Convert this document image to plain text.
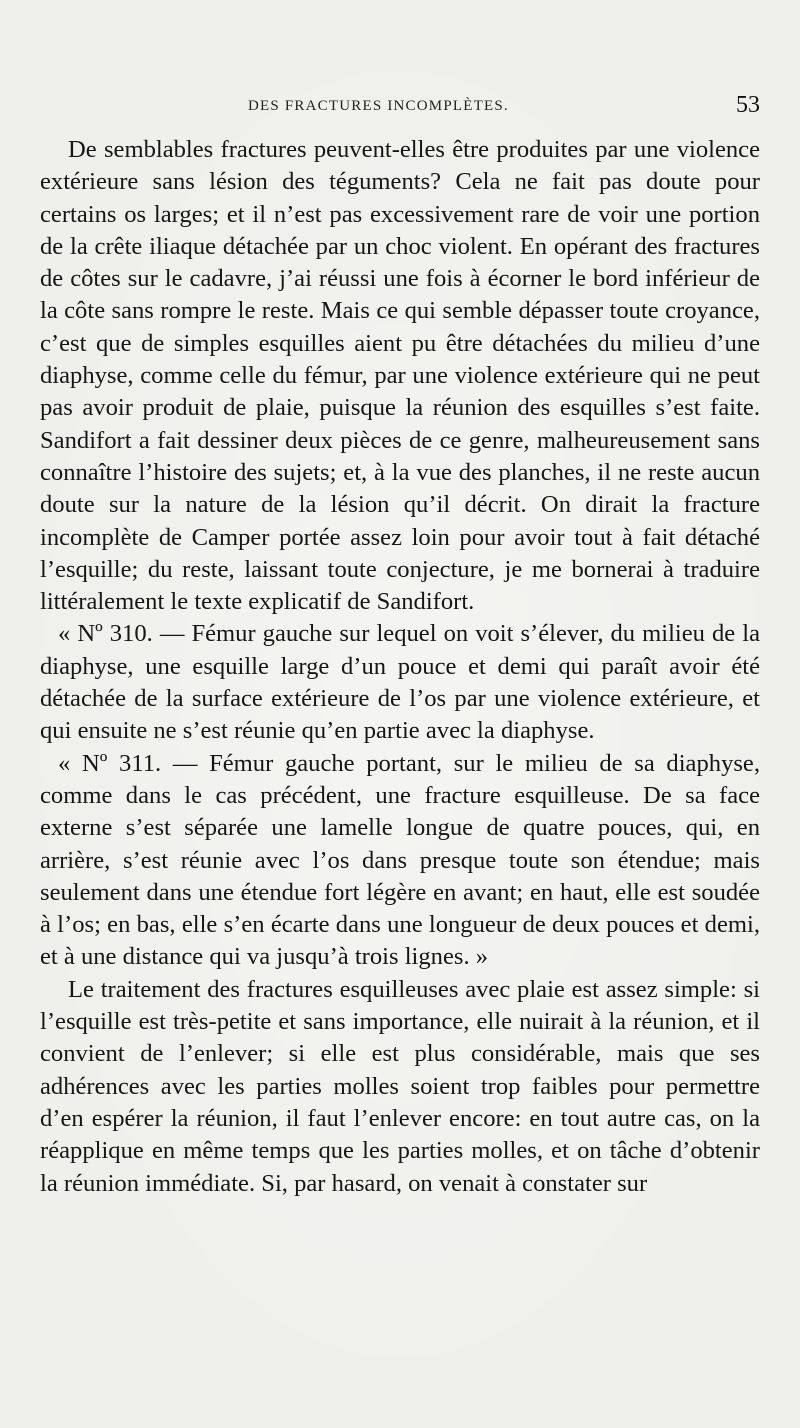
DES FRACTURES INCOMPLÈTES.	53

De semblables fractures peuvent-elles être produites par une violence extérieure sans lésion des téguments? Cela ne fait pas doute pour certains os larges; et il n’est pas excessivement rare de voir une portion de la crête iliaque détachée par un choc violent. En opérant des fractures de côtes sur le cadavre, j’ai réussi une fois à écorner le bord inférieur de la côte sans rompre le reste. Mais ce qui semble dépasser toute croyance, c’est que de simples esquilles aient pu être détachées du milieu d’une diaphyse, comme celle du fémur, par une violence extérieure qui ne peut pas avoir produit de plaie, puisque la réunion des esquilles s’est faite. Sandifort a fait dessiner deux pièces de ce genre, malheureusement sans connaître l’histoire des sujets; et, à la vue des planches, il ne reste aucun doute sur la nature de la lésion qu’il décrit. On dirait la fracture incomplète de Camper portée assez loin pour avoir tout à fait détaché l’esquille; du reste, laissant toute conjecture, je me bornerai à traduire littéralement le texte explicatif de Sandifort.

« Nº 310. — Fémur gauche sur lequel on voit s’élever, du milieu de la diaphyse, une esquille large d’un pouce et demi qui paraît avoir été détachée de la surface extérieure de l’os par une violence extérieure, et qui ensuite ne s’est réunie qu’en partie avec la diaphyse.

« Nº 311. — Fémur gauche portant, sur le milieu de sa diaphyse, comme dans le cas précédent, une fracture esquilleuse. De sa face externe s’est séparée une lamelle longue de quatre pouces, qui, en arrière, s’est réunie avec l’os dans presque toute son étendue; mais seulement dans une étendue fort légère en avant; en haut, elle est soudée à l’os; en bas, elle s’en écarte dans une longueur de deux pouces et demi, et à une distance qui va jusqu’à trois lignes. »

Le traitement des fractures esquilleuses avec plaie est assez simple: si l’esquille est très-petite et sans importance, elle nuirait à la réunion, et il convient de l’enlever; si elle est plus considérable, mais que ses adhérences avec les parties molles soient trop faibles pour permettre d’en espérer la réunion, il faut l’enlever encore: en tout autre cas, on la réapplique en même temps que les parties molles, et on tâche d’obtenir la réunion immédiate. Si, par hasard, on venait à constater sur
